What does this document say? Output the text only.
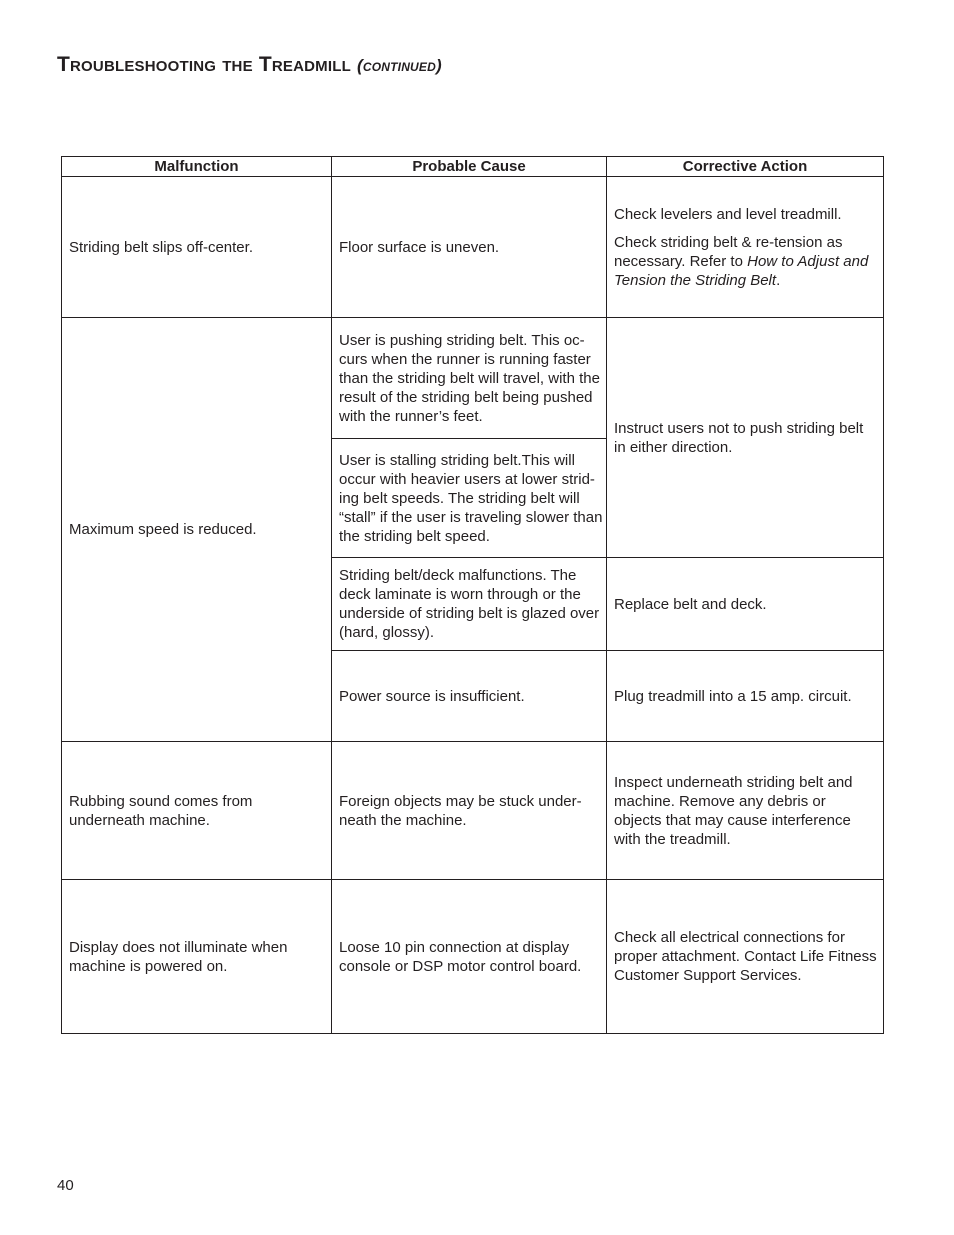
Troubleshooting the Treadmill (continued)
Malfunction	Probable Cause	Corrective Action
Striding belt slips off-center.	Floor surface is uneven.	Check levelers and level treadmill.

Check striding belt & re-tension as necessary. Refer to How to Adjust and Tension the Striding Belt.

Maximum speed is reduced.	User is pushing striding belt. This oc-curs when the runner is running faster than the striding belt will travel, with the result of the striding belt being pushed with the runner’s feet.	Instruct users not to push striding belt in either direction.
	User is stalling striding belt.This will occur with heavier users at lower strid-ing belt speeds. The striding belt will “stall” if the user is traveling slower than the striding belt speed.	
	Striding belt/deck malfunctions. The deck laminate is worn through or the underside of striding belt is glazed over (hard, glossy).	Replace belt and deck.
	Power source is insufficient.	Plug treadmill into a 15 amp. circuit.
Rubbing sound comes from underneath machine.	Foreign objects may be stuck under-neath the machine.	Inspect underneath striding belt and machine. Remove any debris or objects that may cause interference with the treadmill.
Display does not illuminate when machine is powered on.	Loose 10 pin connection at display console or DSP motor control board.	Check all electrical connections for proper attachment. Contact Life Fitness Customer Support Services.
40
